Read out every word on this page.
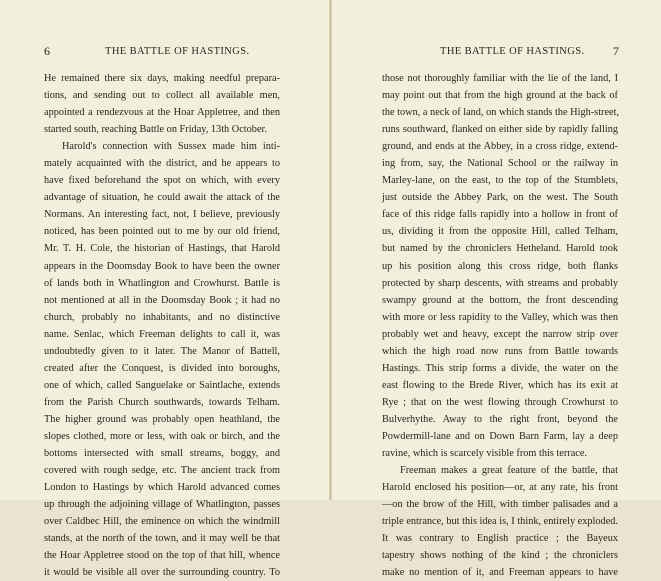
6	THE BATTLE OF HASTINGS.
He remained there six days, making needful prepara-
tions, and sending out to collect all available men,
appointed a rendezvous at the Hoar Appletree, and then
started south, reaching Battle on Friday, 13th October.
Harold's connection with Sussex made him inti-
mately acquainted with the district, and he appears to
have fixed beforehand the spot on which, with every
advantage of situation, he could await the attack of the
Normans. An interesting fact, not, I believe, previously
noticed, has been pointed out to me by our old friend,
Mr. T. H. Cole, the historian of Hastings, that Harold
appears in the Doomsday Book to have been the owner
of lands both in Whatlington and Crowhurst. Battle is
not mentioned at all in the Doomsday Book ; it had no
church, probably no inhabitants, and no distinctive
name. Senlac, which Freeman delights to call it, was
undoubtedly given to it later. The Manor of Battell,
created after the Conquest, is divided into boroughs,
one of which, called Sanguelake or Saintlache, extends
from the Parish Church southwards, towards Telham.
The higher ground was probably open heathland, the
slopes clothed, more or less, with oak or birch, and the
bottoms intersected with small streams, boggy, and
covered with rough sedge, etc. The ancient track from
London to Hastings by which Harold advanced comes
up through the adjoining village of Whatlington, passes
over Caldbec Hill, the eminence on which the windmill
stands, at the north of the town, and it may well be that
the Hoar Appletree stood on the top of that hill, whence
it would be visible all over the surrounding country. To
THE BATTLE OF HASTINGS. 7
those not thoroughly familiar with the lie of the land, I
may point out that from the high ground at the back of
the town, a neck of land, on which stands the High-street,
runs southward, flanked on either side by rapidly falling
ground, and ends at the Abbey, in a cross ridge, extend-
ing from, say, the National School or the railway in
Marley-lane, on the east, to the top of the Stumblets,
just outside the Abbey Park, on the west. The South
face of this ridge falls rapidly into a hollow in front of
us, dividing it from the opposite Hill, called Telham,
but named by the chroniclers Hetheland. Harold took
up his position along this cross ridge, both flanks
protected by sharp descents, with streams and probably
swampy ground at the bottom, the front descending
with more or less rapidity to the Valley, which was then
probably wet and heavy, except the narrow strip over
which the high road now runs from Battle towards
Hastings. This strip forms a divide, the water on the
east flowing to the Brede River, which has its exit at
Rye ; that on the west flowing through Crowhurst to
Bulverhythe. Away to the right front, beyond the
Powdermill-lane and on Down Barn Farm, lay a deep
ravine, which is scarcely visible from this terrace.
Freeman makes a great feature of the battle, that
Harold enclosed his position—or, at any rate, his front
—on the brow of the Hill, with timber palisades and a
triple entrance, but this idea is, I think, entirely exploded.
It was contrary to English practice ; the Bayeux
tapestry shows nothing of the kind ; the chroniclers
make no mention of it, and Freeman appears to have
